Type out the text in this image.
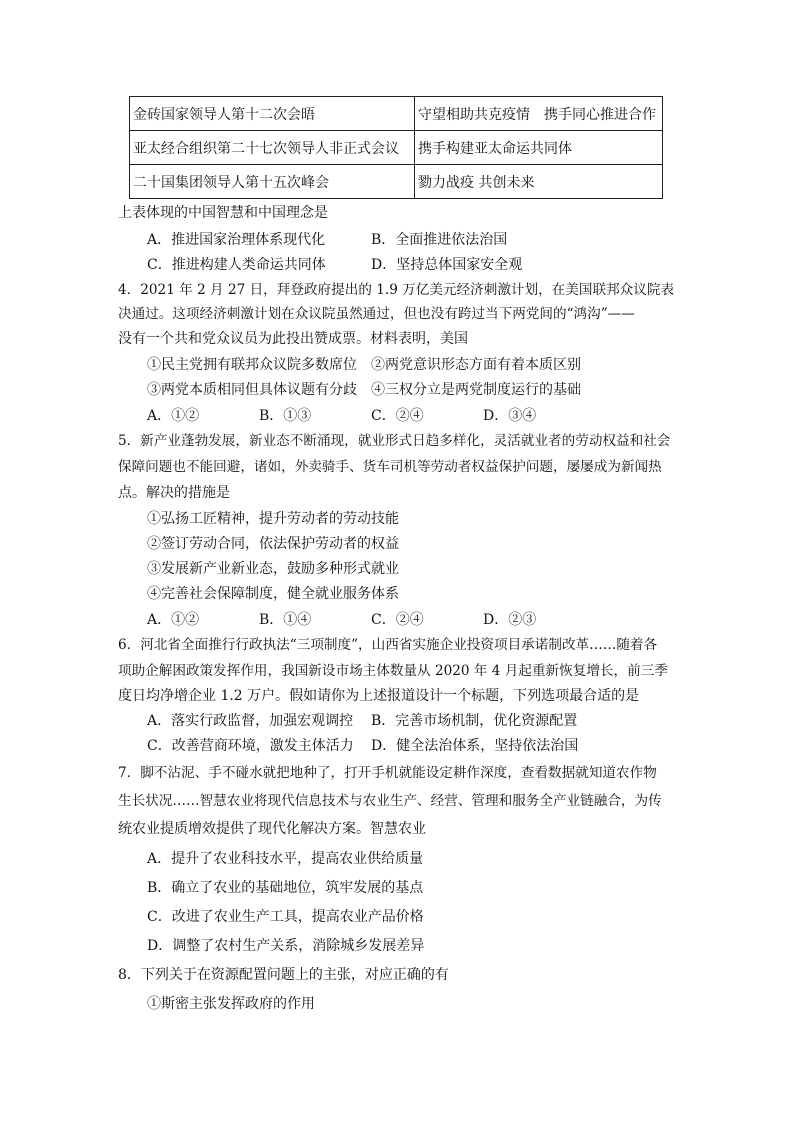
金砖国家领导人第十二次会晤	守望相助共克疫情　携手同心推进合作
亚太经合组织第二十七次领导人非正式会议	携手构建亚太命运共同体
二十国集团领导人第十五次峰会	勠力战疫 共创未来
上表体现的中国智慧和中国理念是
A．推进国家治理体系现代化	B．全面推进依法治国
C．推进构建人类命运共同体	D．坚持总体国家安全观
4．2021 年 2 月 27 日，拜登政府提出的 1.9 万亿美元经济刺激计划，在美国联邦众议院表
决通过。这项经济刺激计划在众议院虽然通过，但也没有跨过当下两党间的“鸿沟”——
没有一个共和党众议员为此投出赞成票。材料表明，美国
①民主党拥有联邦众议院多数席位 ②两党意识形态方面有着本质区别
③两党本质相同但具体议题有分歧 ④三权分立是两党制度运行的基础
A．①②	B．①③	C．②④	D．③④
5．新产业蓬勃发展，新业态不断涌现，就业形式日趋多样化，灵活就业者的劳动权益和社会
保障问题也不能回避，诸如，外卖骑手、货车司机等劳动者权益保护问题，屡屡成为新闻热
点。解决的措施是
①弘扬工匠精神，提升劳动者的劳动技能
②签订劳动合同，依法保护劳动者的权益
③发展新产业新业态，鼓励多种形式就业
④完善社会保障制度，健全就业服务体系
A．①②	B．①④	C．②④	D．②③
6．河北省全面推行行政执法“三项制度”，山西省实施企业投资项目承诺制改革……随着各
项助企解困政策发挥作用，我国新设市场主体数量从 2020 年 4 月起重新恢复增长，前三季
度日均净增企业 1.2 万户。假如请你为上述报道设计一个标题，下列选项最合适的是
A．落实行政监督，加强宏观调控 B．完善市场机制，优化资源配置
C．改善营商环境，激发主体活力 D．健全法治体系，坚持依法治国
7．脚不沾泥、手不碰水就把地种了，打开手机就能设定耕作深度，查看数据就知道农作物
生长状况……智慧农业将现代信息技术与农业生产、经营、管理和服务全产业链融合，为传
统农业提质增效提供了现代化解决方案。智慧农业
A．提升了农业科技水平，提高农业供给质量
B．确立了农业的基础地位，筑牢发展的基点
C．改进了农业生产工具，提高农业产品价格
D．调整了农村生产关系，消除城乡发展差异
8．下列关于在资源配置问题上的主张，对应正确的有
①斯密主张发挥政府的作用
